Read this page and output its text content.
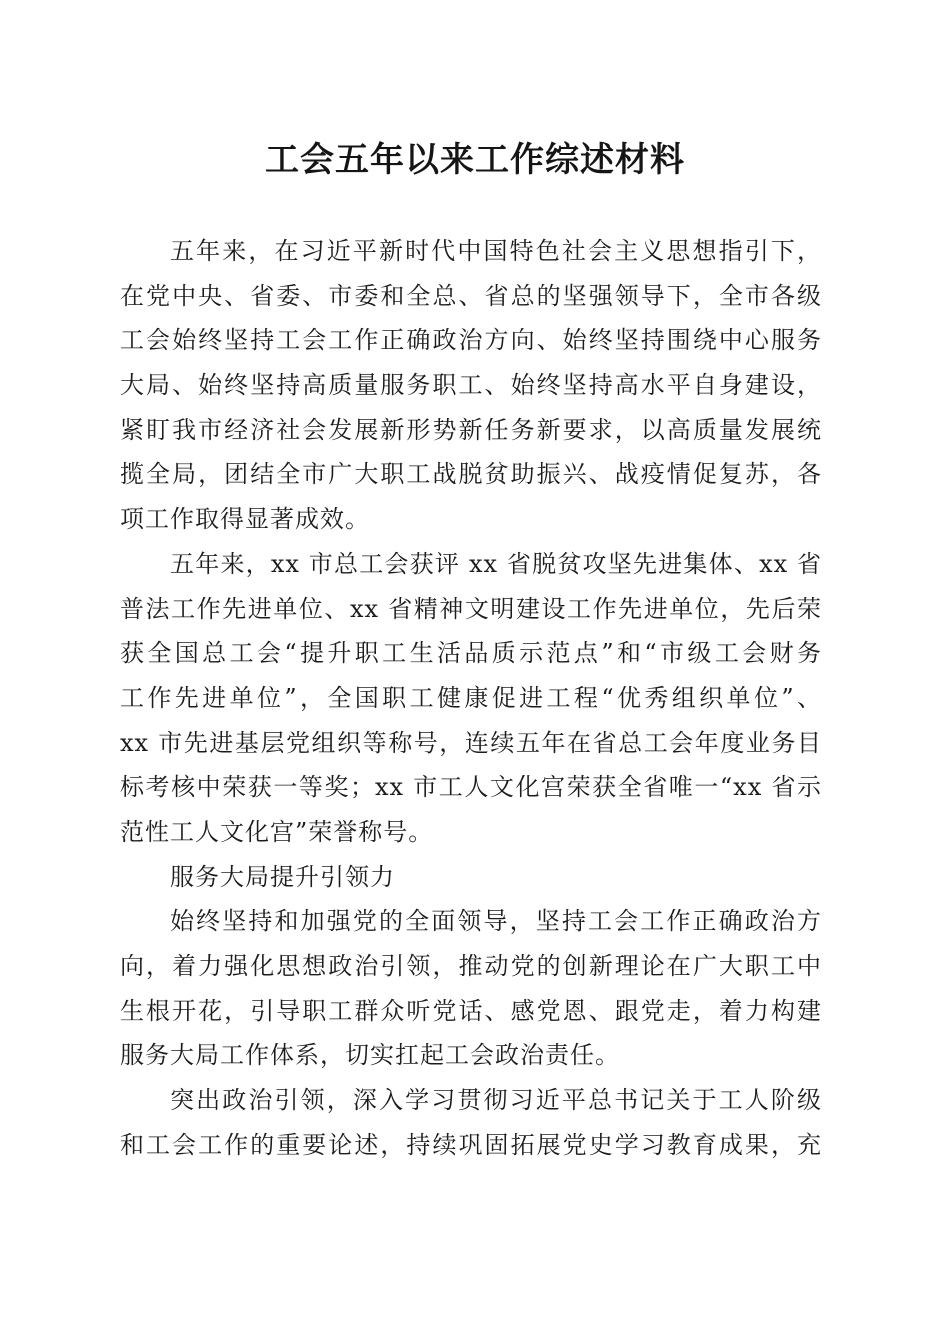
工会五年以来工作综述材料
五年来，在习近平新时代中国特色社会主义思想指引下，
在党中央、省委、市委和全总、省总的坚强领导下，全市各级
工会始终坚持工会工作正确政治方向、始终坚持围绕中心服务
大局、始终坚持高质量服务职工、始终坚持高水平自身建设，
紧盯我市经济社会发展新形势新任务新要求，以高质量发展统
揽全局，团结全市广大职工战脱贫助振兴、战疫情促复苏，各
项工作取得显著成效。
五年来，xx 市总工会获评 xx 省脱贫攻坚先进集体、xx 省
普法工作先进单位、xx 省精神文明建设工作先进单位，先后荣
获全国总工会“提升职工生活品质示范点”和“市级工会财务
工作先进单位”，全国职工健康促进工程“优秀组织单位”、
xx 市先进基层党组织等称号，连续五年在省总工会年度业务目
标考核中荣获一等奖；xx 市工人文化宫荣获全省唯一“xx 省示
范性工人文化宫”荣誉称号。
服务大局提升引领力
始终坚持和加强党的全面领导，坚持工会工作正确政治方
向，着力强化思想政治引领，推动党的创新理论在广大职工中
生根开花，引导职工群众听党话、感党恩、跟党走，着力构建
服务大局工作体系，切实扛起工会政治责任。
突出政治引领，深入学习贯彻习近平总书记关于工人阶级
和工会工作的重要论述，持续巩固拓展党史学习教育成果，充
